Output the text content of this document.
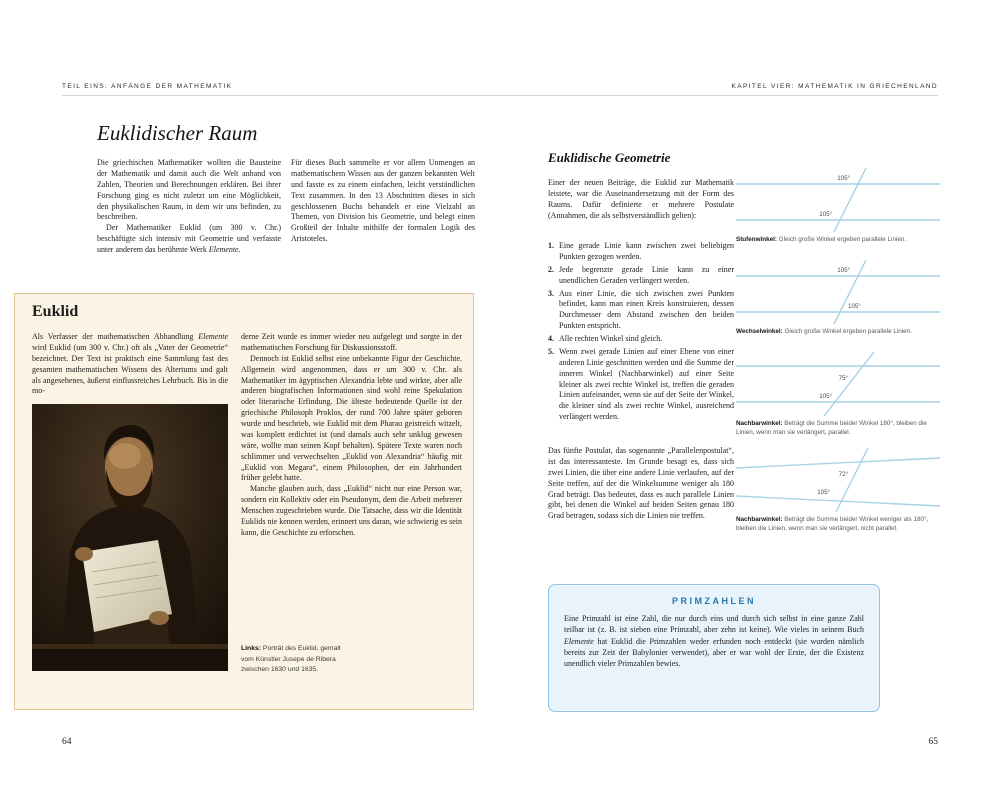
TEIL EINS: ANFÄNGE DER MATHEMATIK	KAPITEL VIER: MATHEMATIK IN GRIECHENLAND
Euklidischer Raum

Die griechischen Mathematiker wollten die Bausteine der Mathematik und damit auch die Welt anhand von Zahlen, Theorien und Berechnungen erklären. Bei ihrer Forschung ging es nicht zuletzt um eine Möglichkeit, den physikalischen Raum, in dem wir uns befinden, zu beschreiben.

Der Mathematiker Euklid (um 300 v. Chr.) beschäftigte sich intensiv mit Geometrie und verfasste unter anderem das berühmte Werk Elemente.

Für dieses Buch sammelte er vor allem Unmengen an mathematischem Wissen aus der ganzen bekannten Welt und fasste es zu einem einfachen, leicht verständlichen Text zusammen. In den 13 Abschnitten dieses in sich geschlossenen Buchs behandelt er eine Vielzahl an Themen, von Division bis Geometrie, und belegt einen Großteil der Inhalte mithilfe der formalen Logik des Aristoteles.

Euklid

Als Verfasser der mathematischen Abhandlung Elemente wird Euklid (um 300 v. Chr.) oft als „Vater der Geometrie“ bezeichnet. Der Text ist praktisch eine Sammlung fast des gesamten mathematischen Wissens des Altertums und galt als angesehenes, äußerst einflussreiches Lehrbuch. Bis in die mo-

derne Zeit wurde es immer wieder neu aufgelegt und sorgte in der mathematischen Forschung für Diskussionsstoff.

Dennoch ist Euklid selbst eine unbekannte Figur der Geschichte. Allgemein wird angenommen, dass er um 300 v. Chr. als Mathematiker im ägyptischen Alexandria lebte und wirkte, aber alle anderen biografischen Informationen sind wohl reine Spekulation oder literarische Erfindung. Die älteste bedeutende Quelle ist der griechische Philosoph Proklos, der rund 700 Jahre später geboren wurde und beschrieb, wie Euklid mit dem Pharao geistreich witzelt, was komplett erdichtet ist (und damals auch sehr unklug gewesen wäre, wollte man seinen Kopf behalten). Spätere Texte waren noch schlimmer und verwechselten „Euklid von Alexandria“ häufig mit „Euklid von Megara“, einem Philosophen, der ein Jahrhundert früher gelebt hatte.

Manche glauben auch, dass „Euklid“ nicht nur eine Person war, sondern ein Kollektiv oder ein Pseudonym, dem die Arbeit mehrerer Menschen zugeschrieben wurde. Die Tatsache, dass wir die Identität Euklids nie kennen werden, erinnert uns daran, wie schwierig es sein kann, die Geschichte zu erforschen.

Links: Porträt des Euklid, gemalt vom Künstler Jusepe de Ribera zwischen 1630 und 1635.
64
Euklidische Geometrie

Einer der neuen Beiträge, die Euklid zur Mathematik leistete, war die Auseinandersetzung mit der Form des Raums. Dafür definierte er mehrere Postulate (Annahmen, die als selbstverständlich gelten):

1. Eine gerade Linie kann zwischen zwei beliebigen Punkten gezogen werden.
2. Jede begrenzte gerade Linie kann zu einer unendlichen Geraden verlängert werden.
3. Aus einer Linie, die sich zwischen zwei Punkten befindet, kann man einen Kreis konstruieren, dessen Durchmesser dem Abstand zwischen den beiden Punkten entspricht.
4. Alle rechten Winkel sind gleich.
5. Wenn zwei gerade Linien auf einer Ebene von einer anderen Linie geschnitten werden und die Summe der inneren Winkel (Nachbarwinkel) auf einer Seite kleiner als zwei rechte Winkel ist, treffen die geraden Linien aufeinander, wenn sie auf der Seite der Winkel, die kleiner sind als zwei rechte Winkel, ausreichend verlängert werden.

Das fünfte Postulat, das sogenannte „Parallelenpostulat“, ist das interessanteste. Im Grunde besagt es, dass sich zwei Linien, die über eine andere Linie verlaufen, auf der Seite treffen, auf der die Winkelsumme weniger als 180 Grad beträgt. Das bedeutet, dass es auch parallele Linien gibt, bei denen die Winkel auf beiden Seiten genau 180 Grad betragen, sodass sich die Linien nie treffen.

105°
105°
Stufenwinkel: Gleich große Winkel ergeben parallele Linien.
105°
105°
Wechselwinkel: Gleich große Winkel ergeben parallele Linien.
75°
105°
Nachbarwinkel: Beträgt die Summe beider Winkel 180°, bleiben die Linien, wenn man sie verlängert, parallel.
72°
105°
Nachbarwinkel: Beträgt die Summe beider Winkel weniger als 180°, bleiben die Linien, wenn man sie verlängert, nicht parallel.
PRIMZAHLEN
Eine Primzahl ist eine Zahl, die nur durch eins und durch sich selbst in eine ganze Zahl teilbar ist (z. B. ist sieben eine Primzahl, aber zehn ist keine). Wie vieles in seinem Buch Elemente hat Euklid die Primzahlen weder erfunden noch entdeckt (sie wurden nämlich bereits zur Zeit der Babylonier verwendet), aber er war wohl der Erste, der die Existenz unendlich vieler Primzahlen bewies.
65
